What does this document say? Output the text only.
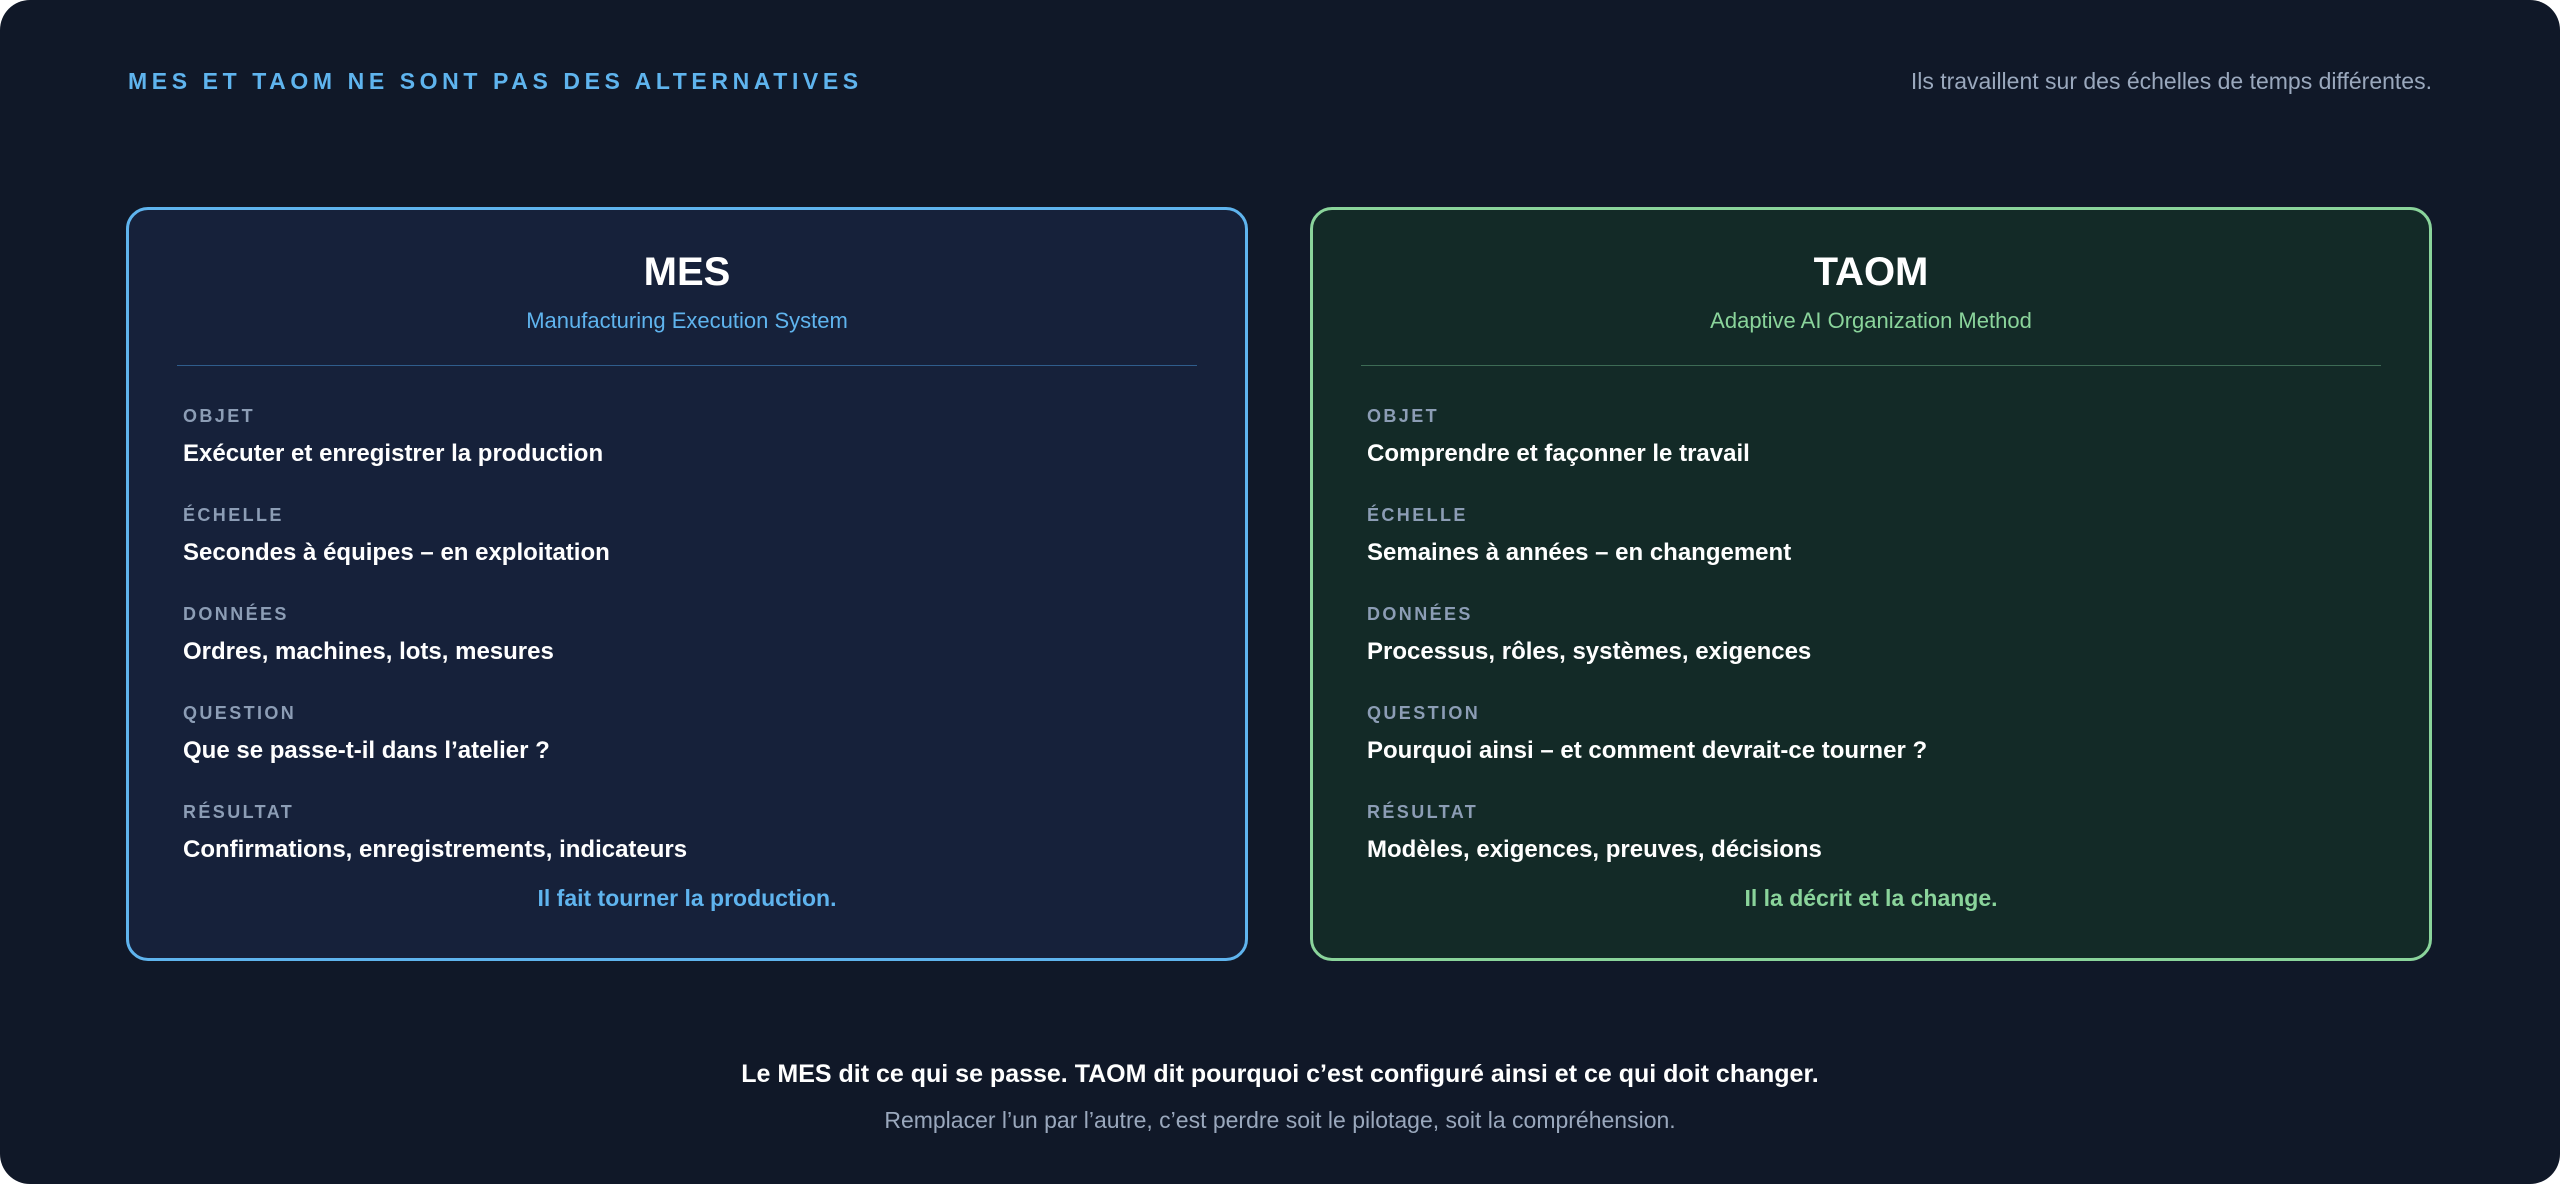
MES ET TAOM NE SONT PAS DES ALTERNATIVES	Ils travaillent sur des échelles de temps différentes.
MES
Manufacturing Execution System
OBJET
Exécuter et enregistrer la production
ÉCHELLE
Secondes à équipes – en exploitation
DONNÉES
Ordres, machines, lots, mesures
QUESTION
Que se passe-t-il dans l’atelier ?
RÉSULTAT
Confirmations, enregistrements, indicateurs
Il fait tourner la production.
TAOM
Adaptive AI Organization Method
OBJET
Comprendre et façonner le travail
ÉCHELLE
Semaines à années – en changement
DONNÉES
Processus, rôles, systèmes, exigences
QUESTION
Pourquoi ainsi – et comment devrait-ce tourner ?
RÉSULTAT
Modèles, exigences, preuves, décisions
Il la décrit et la change.
Le MES dit ce qui se passe. TAOM dit pourquoi c’est configuré ainsi et ce qui doit changer.
Remplacer l’un par l’autre, c’est perdre soit le pilotage, soit la compréhension.
